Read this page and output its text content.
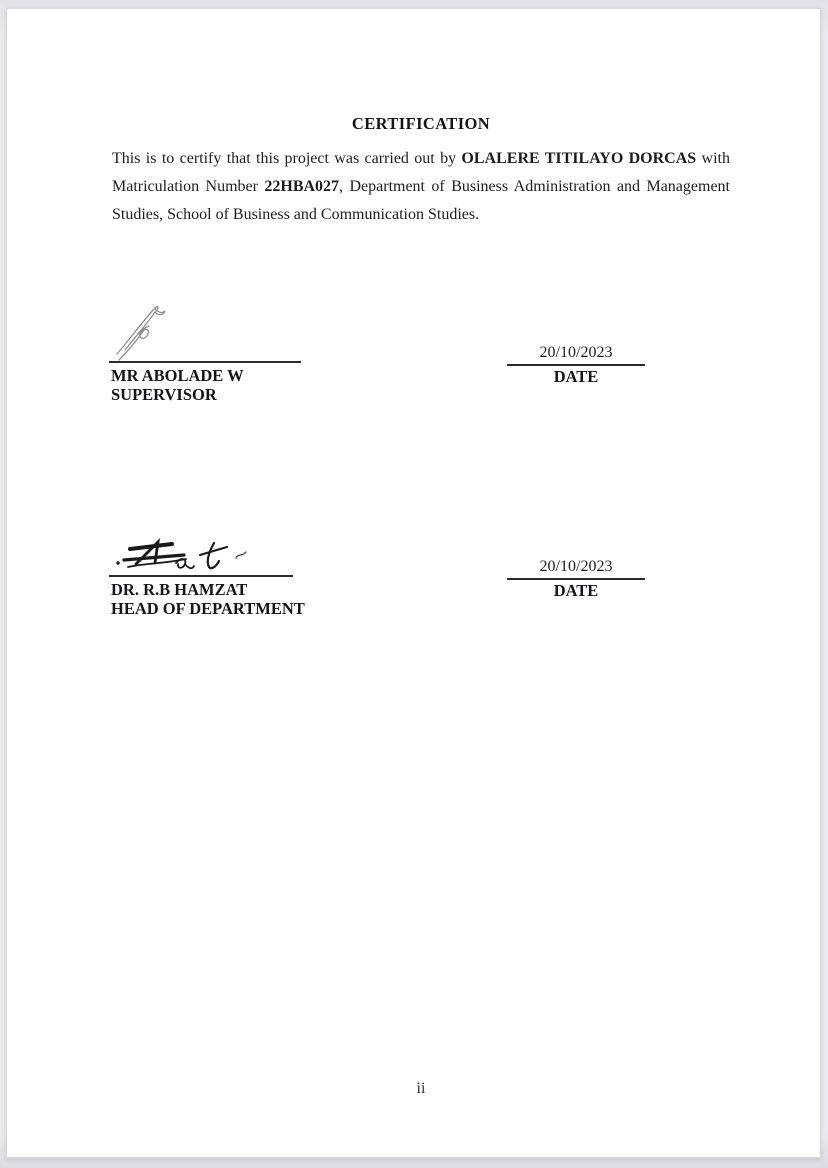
CERTIFICATION

This is to certify that this project was carried out by OLALERE TITILAYO DORCAS with

Matriculation Number 22HBA027, Department of Business Administration and Management

Studies, School of Business and Communication Studies.

MR ABOLADE W
SUPERVISOR
20/10/2023
DATE
DR. R.B HAMZAT
HEAD OF DEPARTMENT
20/10/2023
DATE
ii
